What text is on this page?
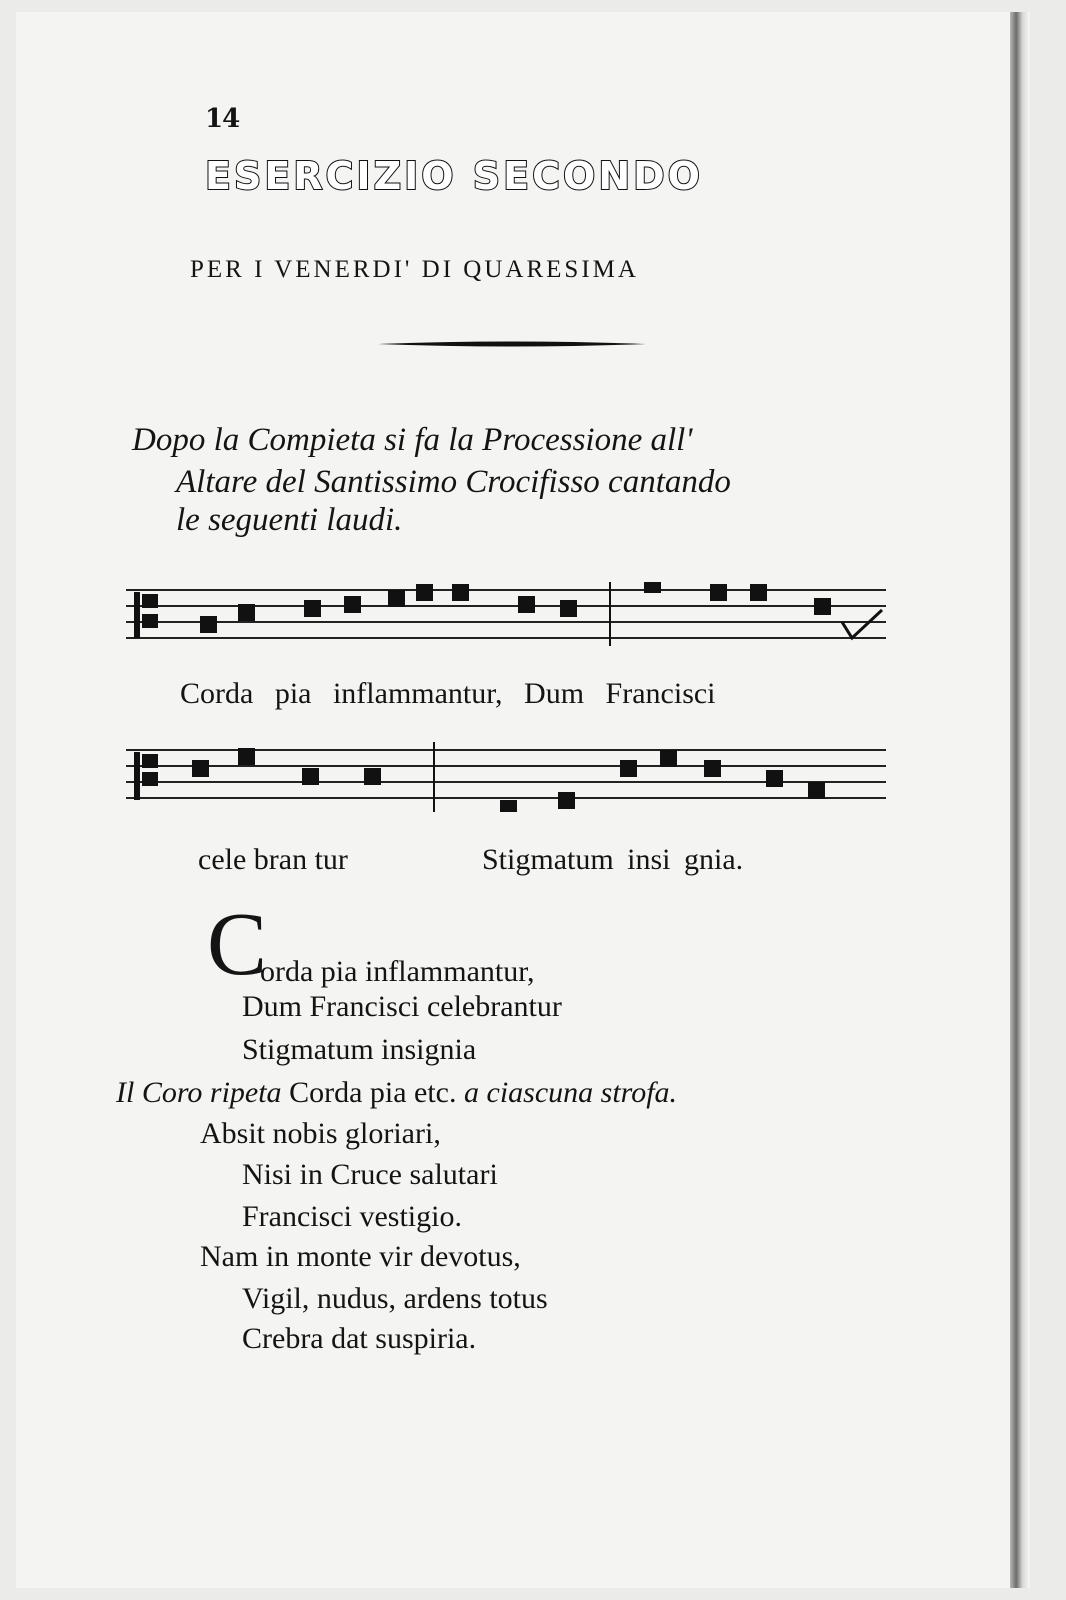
14
ESERCIZIO SECONDO
PER I VENERDI' DI QUARESIMA
Dopo la Compieta si fa la Processione all'
Altare del Santissimo Crocifisso cantando
le seguenti laudi.
Corda pia inflammantur, Dum Francisci
cele bran tur	Stigmatum insi gnia.
C
orda pia inflammantur,
Dum Francisci celebrantur
Stigmatum insignia
Il Coro ripeta Corda pia etc. a ciascuna strofa.
Absit nobis gloriari,
Nisi in Cruce salutari
Francisci vestigio.
Nam in monte vir devotus,
Vigil, nudus, ardens totus
Crebra dat suspiria.
